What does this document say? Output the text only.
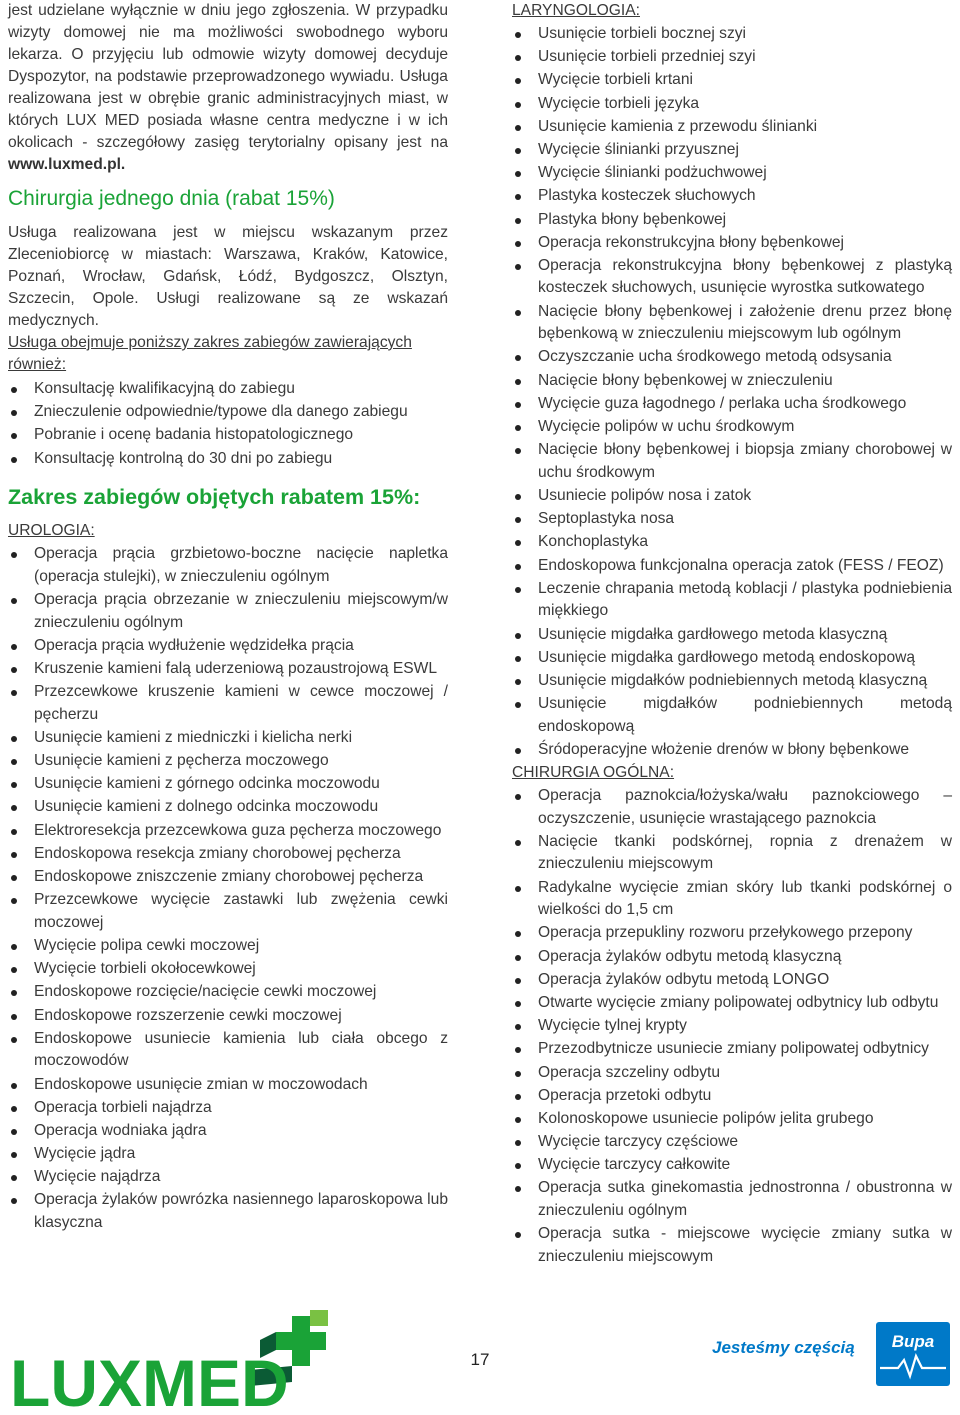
jest udzielane wyłącznie w dniu jego zgłoszenia. W przypadku wizyty domowej nie ma możliwości swobodnego wyboru lekarza. O przyjęciu lub odmowie wizyty domowej decyduje Dyspozytor, na podstawie przeprowadzonego wywiadu. Usługa realizowana jest w obrębie granic administracyjnych miast, w których LUX MED posiada własne centra medyczne i w ich okolicach - szczegółowy zasięg terytorialny opisany jest na www.luxmed.pl.

Chirurgia jednego dnia (rabat 15%)

Usługa realizowana jest w miejscu wskazanym przez Zleceniobiorcę w miastach: Warszawa, Kraków, Katowice, Poznań, Wrocław, Gdańsk, Łódź, Bydgoszcz, Olsztyn, Szczecin, Opole. Usługi realizowane są ze wskazań medycznych.

Usługa obejmuje poniższy zakres zabiegów zawierających również:

Konsultację kwalifikacyjną do zabiegu
Znieczulenie odpowiednie/typowe dla danego zabiegu
Pobranie i ocenę badania histopatologicznego
Konsultację kontrolną do 30 dni po zabiegu
Zakres zabiegów objętych rabatem 15%:

UROLOGIA:

Operacja prącia grzbietowo-boczne nacięcie napletka (operacja stulejki), w znieczuleniu ogólnym
Operacja prącia obrzezanie w znieczuleniu miejscowym/w znieczuleniu ogólnym
Operacja prącia wydłużenie wędzidełka prącia
Kruszenie kamieni falą uderzeniową pozaustrojową ESWL
Przezcewkowe kruszenie kamieni w cewce moczowej / pęcherzu
Usunięcie kamieni z miedniczki i kielicha nerki
Usunięcie kamieni z pęcherza moczowego
Usunięcie kamieni z górnego odcinka moczowodu
Usunięcie kamieni z dolnego odcinka moczowodu
Elektroresekcja przezcewkowa guza pęcherza moczowego
Endoskopowa resekcja zmiany chorobowej pęcherza
Endoskopowe zniszczenie zmiany chorobowej pęcherza
Przezcewkowe wycięcie zastawki lub zwężenia cewki moczowej
Wycięcie polipa cewki moczowej
Wycięcie torbieli okołocewkowej
Endoskopowe rozcięcie/nacięcie cewki moczowej
Endoskopowe rozszerzenie cewki moczowej
Endoskopowe usuniecie kamienia lub ciała obcego z moczowodów
Endoskopowe usunięcie zmian w moczowodach
Operacja torbieli najądrza
Operacja wodniaka jądra
Wycięcie jądra
Wycięcie najądrza
Operacja żylaków powrózka nasiennego laparoskopowa lub klasyczna

LARYNGOLOGIA:

Usunięcie torbieli bocznej szyi
Usunięcie torbieli przedniej szyi
Wycięcie torbieli krtani
Wycięcie torbieli języka
Usunięcie kamienia z przewodu ślinianki
Wycięcie ślinianki przyusznej
Wycięcie ślinianki podżuchwowej
Plastyka kosteczek słuchowych
Plastyka błony bębenkowej
Operacja rekonstrukcyjna błony bębenkowej
Operacja rekonstrukcyjna błony bębenkowej z plastyką kosteczek słuchowych, usunięcie wyrostka sutkowatego
Nacięcie błony bębenkowej i założenie drenu przez błonę bębenkową w znieczuleniu miejscowym lub ogólnym
Oczyszczanie ucha środkowego metodą odsysania
Nacięcie błony bębenkowej w znieczuleniu
Wycięcie guza łagodnego / perlaka ucha środkowego
Wycięcie polipów w uchu środkowym
Nacięcie błony bębenkowej i biopsja zmiany chorobowej w uchu środkowym
Usuniecie polipów nosa i zatok
Septoplastyka nosa
Konchoplastyka
Endoskopowa funkcjonalna operacja zatok (FESS / FEOZ)
Leczenie chrapania metodą koblacji / plastyka podniebienia miękkiego
Usunięcie migdałka gardłowego metoda klasyczną
Usunięcie migdałka gardłowego metodą endoskopową
Usunięcie migdałków podniebiennych metodą klasyczną
Usunięcie migdałków podniebiennych metodą endoskopową
Śródoperacyjne włożenie drenów w błony bębenkowe

CHIRURGIA OGÓLNA:

Operacja paznokcia/łożyska/wału paznokciowego – oczyszczenie, usunięcie wrastającego paznokcia
Nacięcie tkanki podskórnej, ropnia z drenażem w znieczuleniu miejscowym
Radykalne wycięcie zmian skóry lub tkanki podskórnej o wielkości do 1,5 cm
Operacja przepukliny rozworu przełykowego przepony
Operacja żylaków odbytu metodą klasyczną
Operacja żylaków odbytu metodą LONGO
Otwarte wycięcie zmiany polipowatej odbytnicy lub odbytu
Wycięcie tylnej krypty
Przezodbytnicze usuniecie zmiany polipowatej odbytnicy
Operacja szczeliny odbytu
Operacja przetoki odbytu
Kolonoskopowe usuniecie polipów jelita grubego
Wycięcie tarczycy częściowe
Wycięcie tarczycy całkowite
Operacja sutka ginekomastia jednostronna / obustronna w znieczuleniu ogólnym
Operacja sutka - miejscowe wycięcie zmiany sutka w znieczuleniu miejscowym
LUXMED	17
Jesteśmy częścią	Bupa
